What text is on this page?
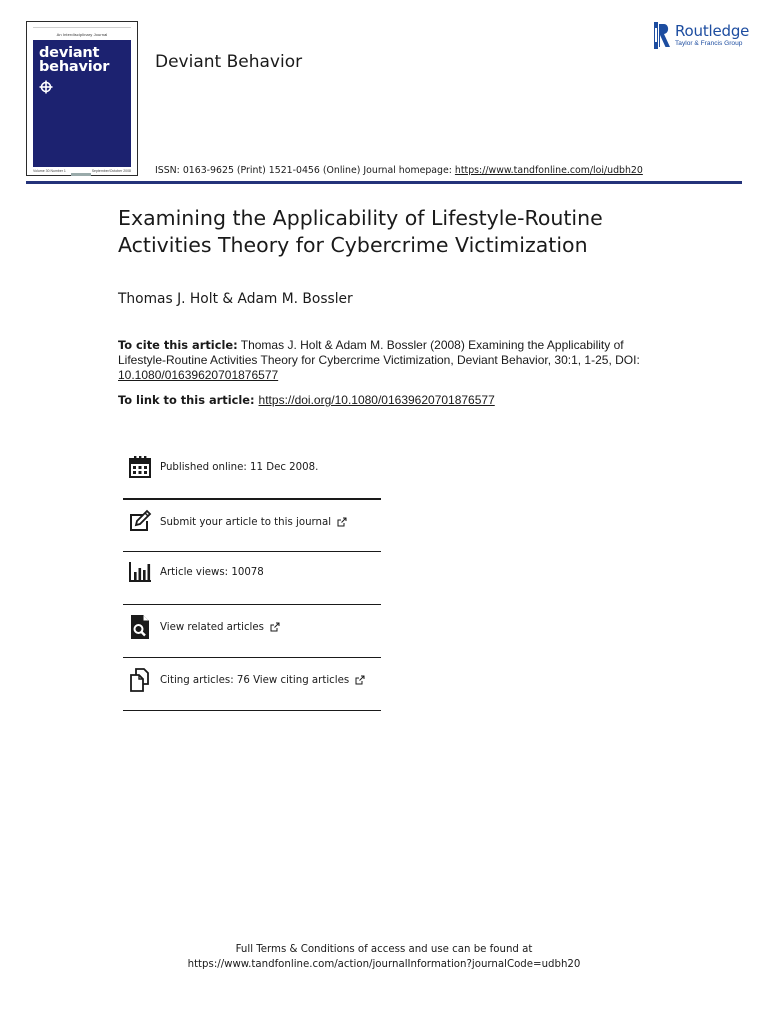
An Interdisciplinary Journal
deviant
behavior
Volume 30 Number 1	September/October 2008
Deviant Behavior
ISSN: 0163-9625 (Print) 1521-0456 (Online) Journal homepage: https://www.tandfonline.com/loi/udbh20
Routledge
Taylor & Francis Group
Examining the Applicability of Lifestyle-Routine
Activities Theory for Cybercrime Victimization
Thomas J. Holt & Adam M. Bossler
To cite this article: Thomas J. Holt & Adam M. Bossler (2008) Examining the Applicability of
Lifestyle-Routine Activities Theory for Cybercrime Victimization, Deviant Behavior, 30:1, 1-25, DOI:
10.1080/01639620701876577
To link to this article: https://doi.org/10.1080/01639620701876577
Published online: 11 Dec 2008.
Submit your article to this journal
Article views: 10078
View related articles
Citing articles: 76 View citing articles
Full Terms & Conditions of access and use can be found at
https://www.tandfonline.com/action/journalInformation?journalCode=udbh20
